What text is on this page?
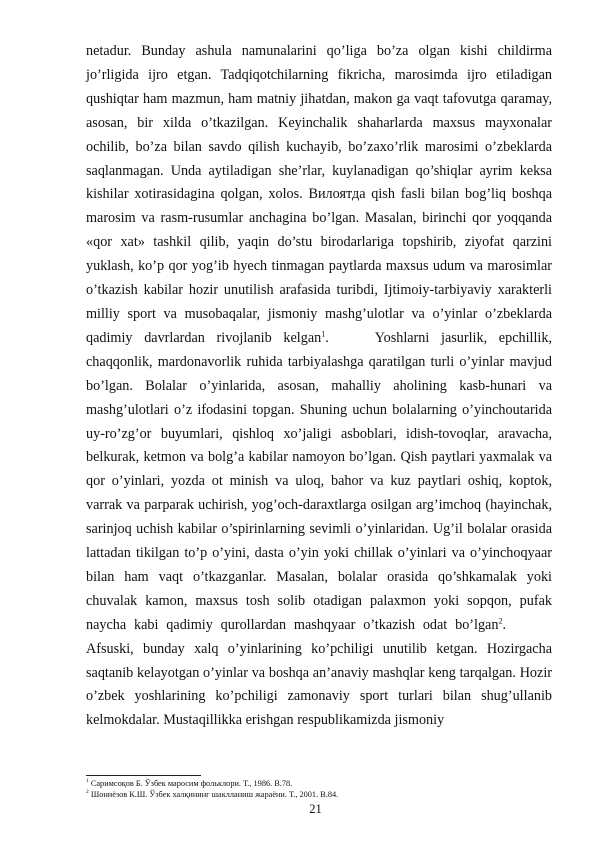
netadur. Bunday ashula namunalarini qo’liga bo’za olgan kishi childirma jo’rligida ijro etgan. Tadqiqotchilarning fikricha, marosimda ijro etiladigan qushiqtar ham mazmun, ham matniy jihatdan, makon ga vaqt tafovutga qaramay, asosan, bir xilda o’tkazilgan. Keyinchalik shaharlarda maxsus mayxonalar ochilib, bo’za bilan savdo qilish kuchayib, bo’zaxo’rlik marosimi o’zbeklarda saqlanmagan. Unda aytiladigan she’rlar, kuylanadigan qo’shiqlar ayrim keksa kishilar xotirasidagina qolgan, xolos. Вилоятда qish fasli bilan bog’liq boshqa marosim va rasm-rusumlar anchagina bo’lgan. Masalan, birinchi qor yoqqanda «qor xat» tashkil qilib, yaqin do’stu birodarlariga topshirib, ziyofat qarzini yuklash, ko’p qor yog’ib hyech tinmagan paytlarda maxsus udum va marosimlar o’tkazish kabilar hozir unutilish arafasida turibdi, Ijtimoiy-tarbiyaviy xarakterli milliy sport va musobaqalar, jismoniy mashg’ulotlar va o’yinlar o’zbeklarda qadimiy davrlardan rivojlanib kelgan$^1$.	Yoshlarni jasurlik, epchillik, chaqqonlik, mardonavorlik ruhida tarbiyalashga qaratilgan turli o’yinlar mavjud bo’lgan. Bolalar o’yinlarida, asosan, mahalliy aholining kasb-hunari va mashg’ulotlari o’z ifodasini topgan. Shuning uchun bolalarning o’yinchoutarida uy-ro’zg’or buyumlari, qishloq xo’jaligi asboblari, idish-tovoqlar, aravacha, belkurak, ketmon va bolg’a kabilar namoyon bo’lgan. Qish paytlari yaxmalak va qor o’yinlari, yozda ot minish va uloq, bahor va kuz paytlari oshiq, koptok, varrak va parparak uchirish, yog’och-daraxtlarga osilgan arg’imchoq (hayinchak, sarinjoq uchish kabilar o’spirinlarning sevimli o’yinlaridan. Ug’il bolalar orasida lattadan tikilgan to’p o’yini, dasta o’yin yoki chillak o’yinlari va o’yinchoqyaar bilan ham vaqt o’tkazganlar. Masalan, bolalar orasida qo’shkamalak yoki chuvalak kamon, maxsus tosh solib otadigan palaxmon yoki sopqon, pufak naycha kabi qadimiy qurollardan mashqyaar o’tkazish odat bo’lgan$^2$.Afsuski, bunday xalq o’yinlarining ko’pchiligi unutilib ketgan. Hozirgacha saqtanib kelayotgan o’yinlar va boshqa an’anaviy mashqlar keng tarqalgan. Hozir o’zbek yoshlarining ko’pchiligi zamonaviy sport turlari bilan shug’ullanib kelmokdalar. Mustaqillikka erishgan respublikamizda jismoniy

$^1$ Саримсоқов Б. Ўзбек маросим фольклори. Т., 1986. В.78.
$^2$ Шониёзов К.Ш. Ўзбек халқининг шаклланиш жараёни. Т., 2001. В.84.
21
